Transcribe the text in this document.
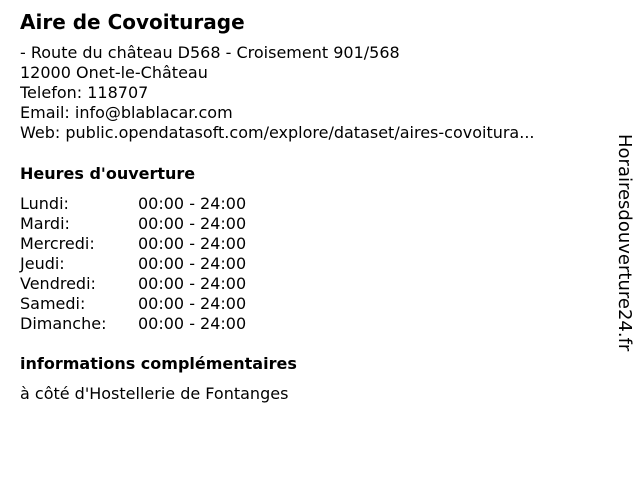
Aire de Covoiturage
- Route du château D568 - Croisement 901/568
12000 Onet-le-Château
Telefon: 118707
Email: info@blablacar.com
Web: public.opendatasoft.com/explore/dataset/aires-covoitura...
Heures d'ouverture
Lundi:	00:00 - 24:00
Mardi:	00:00 - 24:00
Mercredi:	00:00 - 24:00
Jeudi:	00:00 - 24:00
Vendredi:	00:00 - 24:00
Samedi:	00:00 - 24:00
Dimanche:	00:00 - 24:00
informations complémentaires
à côté d'Hostellerie de Fontanges
Horairesdouverture24.fr
